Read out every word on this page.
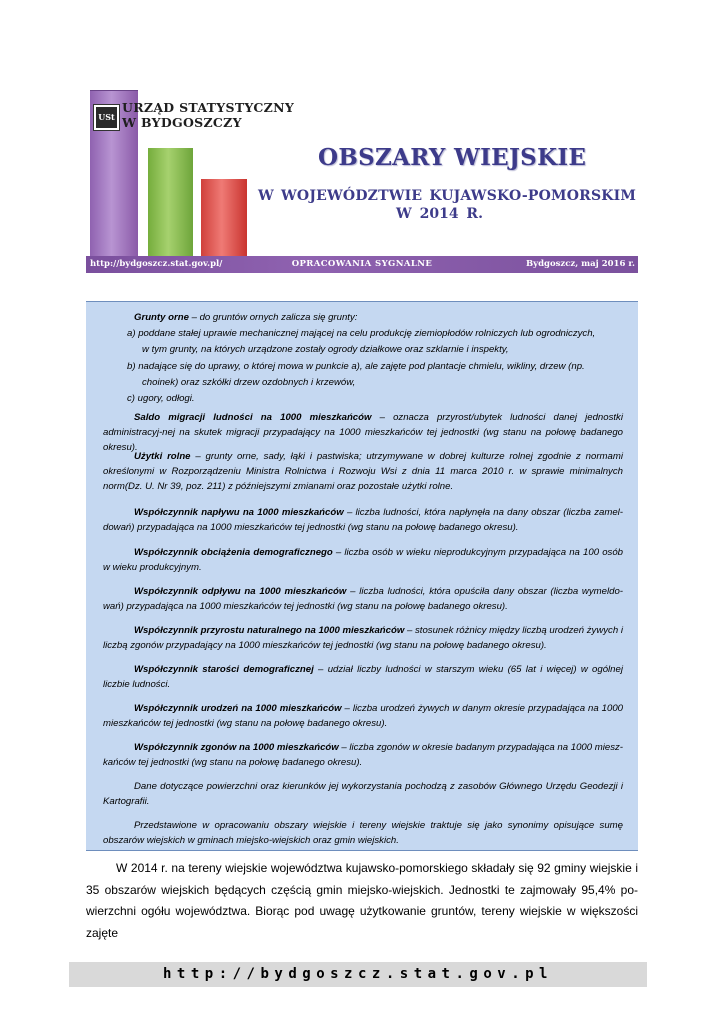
USt
URZĄD STATYSTYCZNY
W BYDGOSZCZY
OBSZARY WIEJSKIE
W WOJEWÓDZTWIE KUJAWSKO-POMORSKIM
W 2014 R.
OPRACOWANIA SYGNALNE
http://bydgoszcz.stat.gov.pl/	Bydgoszcz, maj 2016 r.

Grunty orne – do gruntów ornych zalicza się grunty:

a) poddane stałej uprawie mechanicznej mającej na celu produkcję ziemiopłodów rolniczych lub ogrodniczych,

w tym grunty, na których urządzone zostały ogrody działkowe oraz szklarnie i inspekty,

b) nadające się do uprawy, o której mowa w punkcie a), ale zajęte pod plantacje chmielu, wikliny, drzew (np.

choinek) oraz szkółki drzew ozdobnych i krzewów,

c) ugory, odłogi.

Saldo migracji ludności na 1000 mieszkańców – oznacza przyrost/ubytek ludności danej jednostki administracyj-nej na skutek migracji przypadający na 1000 mieszkańców tej jednostki (wg stanu na połowę badanego okresu).

Użytki rolne – grunty orne, sady, łąki i pastwiska; utrzymywane w dobrej kulturze rolnej zgodnie z normami określonymi w Rozporządzeniu Ministra Rolnictwa i Rozwoju Wsi z dnia 11 marca 2010 r. w sprawie minimalnych norm(Dz. U. Nr 39, poz. 211) z późniejszymi zmianami oraz pozostałe użytki rolne.

Współczynnik napływu na 1000 mieszkańców – liczba ludności, która napłynęła na dany obszar (liczba zamel-dowań) przypadająca na 1000 mieszkańców tej jednostki (wg stanu na połowę badanego okresu).

Współczynnik obciążenia demograficznego – liczba osób w wieku nieprodukcyjnym przypadająca na 100 osób w wieku produkcyjnym.

Współczynnik odpływu na 1000 mieszkańców – liczba ludności, która opuściła dany obszar (liczba wymeldo-wań) przypadająca na 1000 mieszkańców tej jednostki (wg stanu na połowę badanego okresu).

Współczynnik przyrostu naturalnego na 1000 mieszkańców – stosunek różnicy między liczbą urodzeń żywych i liczbą zgonów przypadający na 1000 mieszkańców tej jednostki (wg stanu na połowę badanego okresu).

Współczynnik starości demograficznej – udział liczby ludności w starszym wieku (65 lat i więcej) w ogólnej liczbie ludności.

Współczynnik urodzeń na 1000 mieszkańców – liczba urodzeń żywych w danym okresie przypadająca na 1000 mieszkańców tej jednostki (wg stanu na połowę badanego okresu).

Współczynnik zgonów na 1000 mieszkańców – liczba zgonów w okresie badanym przypadająca na 1000 miesz-kańców tej jednostki (wg stanu na połowę badanego okresu).

Dane dotyczące powierzchni oraz kierunków jej wykorzystania pochodzą z zasobów Głównego Urzędu Geodezji i Kartografii.

Przedstawione w opracowaniu obszary wiejskie i tereny wiejskie traktuje się jako synonimy opisujące sumę obszarów wiejskich w gminach miejsko-wiejskich oraz gmin wiejskich.

W 2014 r. na tereny wiejskie województwa kujawsko-pomorskiego składały się 92 gminy wiejskie i 35 obszarów wiejskich będących częścią gmin miejsko-wiejskich. Jednostki te zajmowały 95,4% po-wierzchni ogółu województwa. Biorąc pod uwagę użytkowanie gruntów, tereny wiejskie w większości zajęte

http://bydgoszcz.stat.gov.pl
